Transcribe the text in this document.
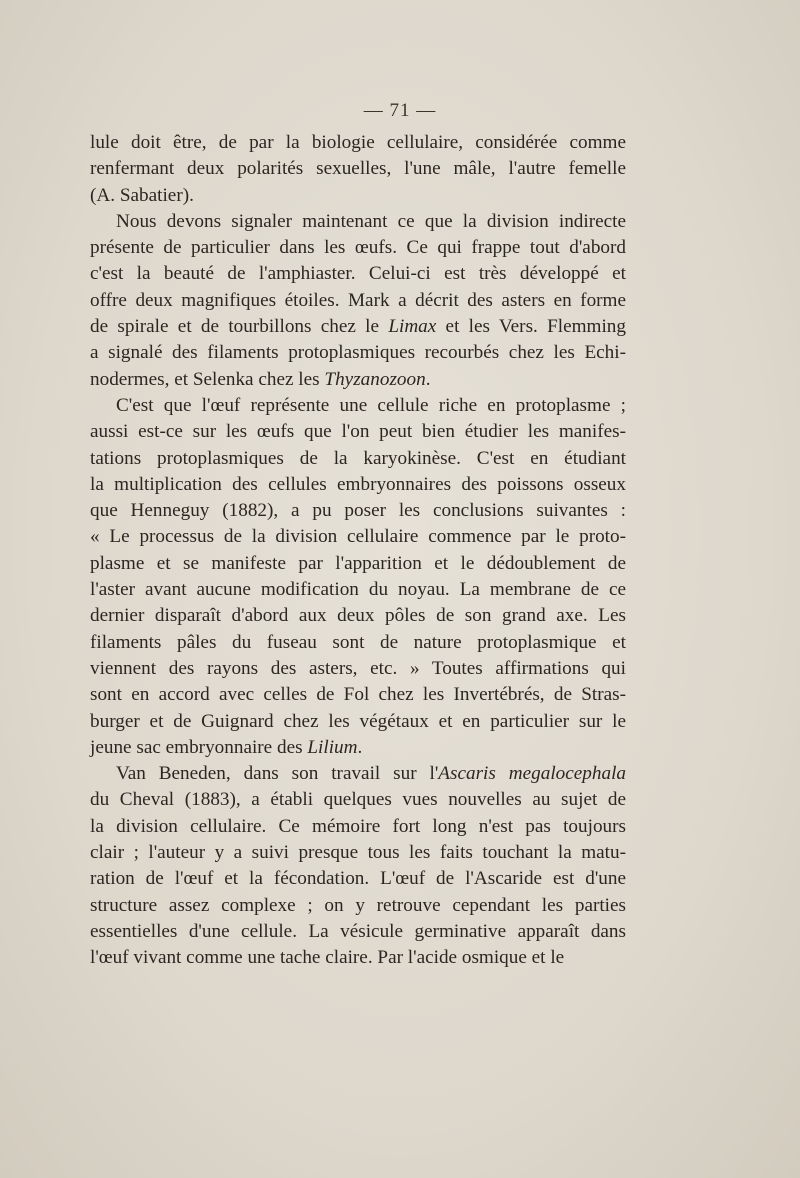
— 71 —
lule doit être, de par la biologie cellulaire, considérée comme
renfermant deux polarités sexuelles, l'une mâle, l'autre femelle
(A. Sabatier).
Nous devons signaler maintenant ce que la division indirecte
présente de particulier dans les œufs. Ce qui frappe tout d'abord
c'est la beauté de l'amphiaster. Celui-ci est très développé et
offre deux magnifiques étoiles. Mark a décrit des asters en forme
de spirale et de tourbillons chez le Limax et les Vers. Flemming
a signalé des filaments protoplasmiques recourbés chez les Echi-
nodermes, et Selenka chez les Thyzanozoon.
C'est que l'œuf représente une cellule riche en protoplasme ;
aussi est-ce sur les œufs que l'on peut bien étudier les manifes-
tations protoplasmiques de la karyokinèse. C'est en étudiant
la multiplication des cellules embryonnaires des poissons osseux
que Henneguy (1882), a pu poser les conclusions suivantes :
« Le processus de la division cellulaire commence par le proto-
plasme et se manifeste par l'apparition et le dédoublement de
l'aster avant aucune modification du noyau. La membrane de ce
dernier disparaît d'abord aux deux pôles de son grand axe. Les
filaments pâles du fuseau sont de nature protoplasmique et
viennent des rayons des asters, etc. » Toutes affirmations qui
sont en accord avec celles de Fol chez les Invertébrés, de Stras-
burger et de Guignard chez les végétaux et en particulier sur le
jeune sac embryonnaire des Lilium.
Van Beneden, dans son travail sur l'Ascaris megalocephala
du Cheval (1883), a établi quelques vues nouvelles au sujet de
la division cellulaire. Ce mémoire fort long n'est pas toujours
clair ; l'auteur y a suivi presque tous les faits touchant la matu-
ration de l'œuf et la fécondation. L'œuf de l'Ascaride est d'une
structure assez complexe ; on y retrouve cependant les parties
essentielles d'une cellule. La vésicule germinative apparaît dans
l'œuf vivant comme une tache claire. Par l'acide osmique et le
